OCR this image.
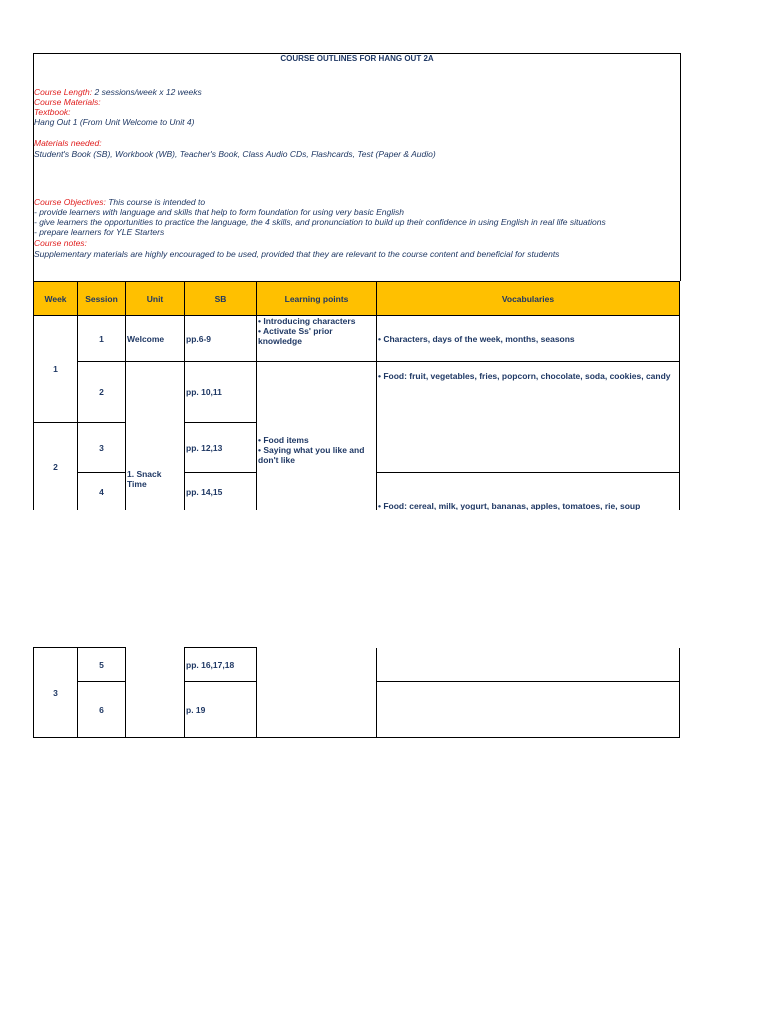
COURSE OUTLINES FOR HANG OUT 2A
Course Length: 2 sessions/week x 12 weeks
Course Materials:
Textbook:
Hang Out 1 (From Unit Welcome to Unit 4)
Materials needed:
Student's Book (SB), Workbook (WB), Teacher's Book, Class Audio CDs, Flashcards, Test (Paper & Audio)
Course Objectives: This course is intended to
- provide learners with language and skills that help to form foundation for using very basic English
- give learners the opportunities to practice the language, the 4 skills, and pronunciation to build up their confidence in using English in real life situations
- prepare learners for YLE Starters
Course notes:
Supplementary materials are highly encouraged to be used, provided that they are relevant to the course content and beneficial for students
Week	Session	Unit	SB	Learning points	Vocabularies
1	1	Welcome	pp.6-9	• Introducing characters
• Activate Ss' prior knowledge	• Characters, days of the week, months, seasons
	2	1. Snack Time	pp. 10,11	• Food items
• Saying what you like and don't like	• Food: fruit, vegetables, fries, popcorn, chocolate, soda, cookies, candy
2	3		pp. 12,13		
	4		pp. 14,15		• Food: cereal, milk, yogurt, bananas, apples, tomatoes, rie, soup
3	5		pp. 16,17,18		
	6		p. 19		
